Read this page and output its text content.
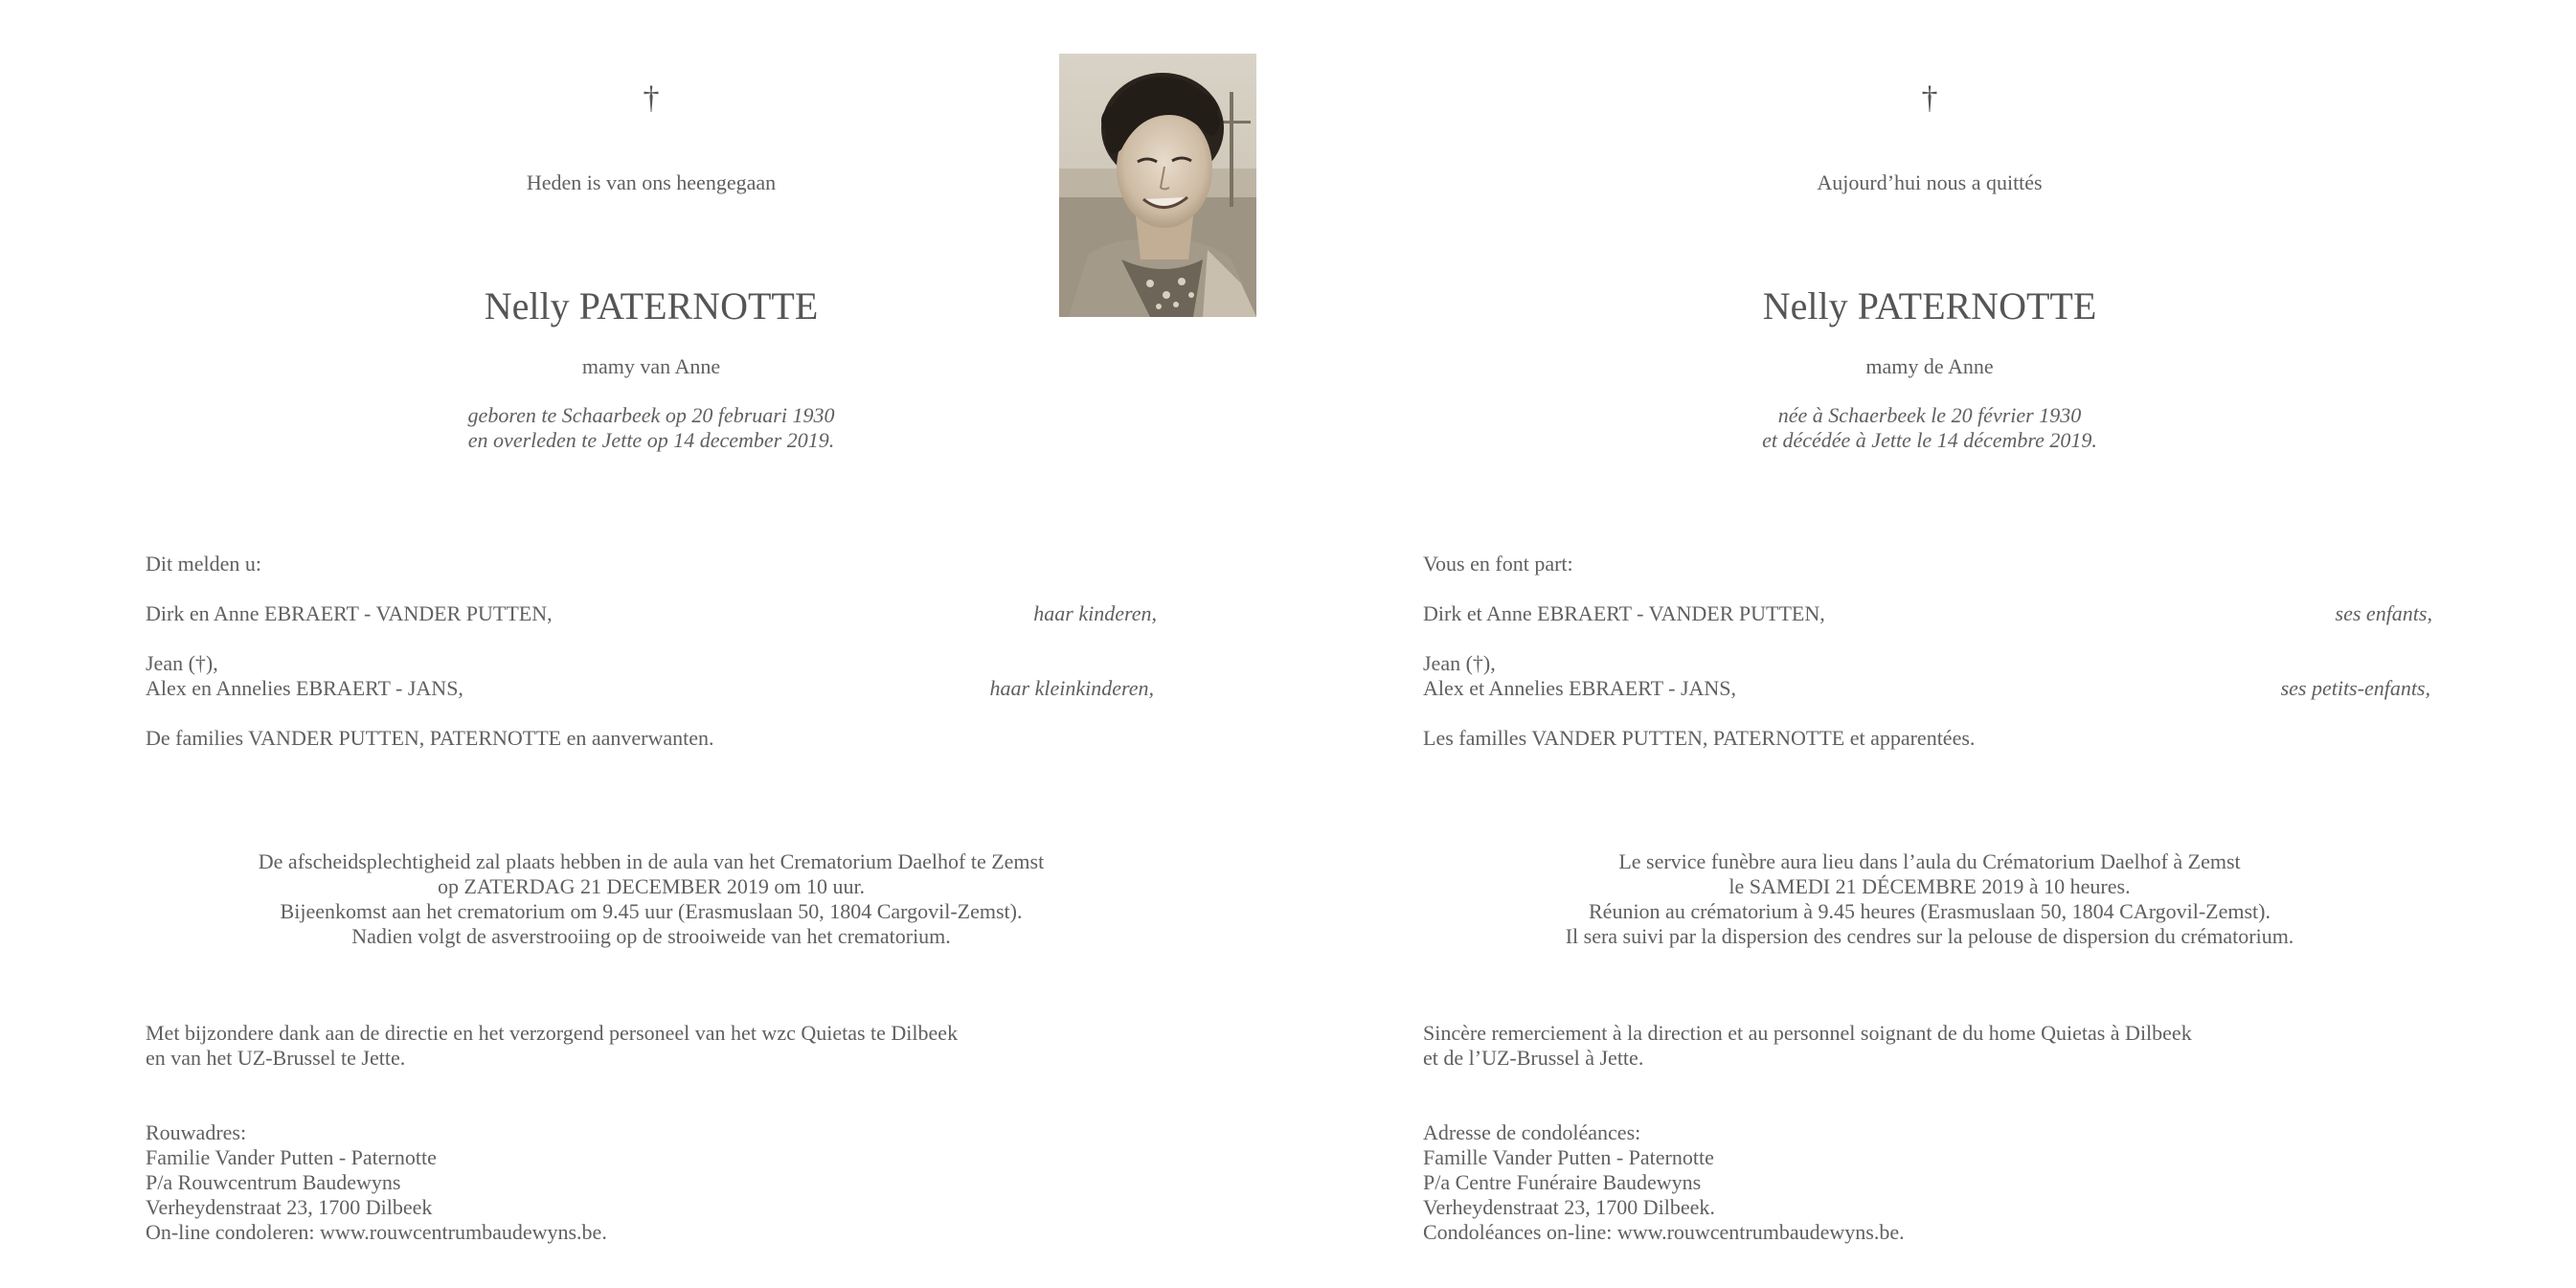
†
Heden is van ons heengegaan
Nelly PATERNOTTE
mamy van Anne
geboren te Schaarbeek op 20 februari 1930
en overleden te Jette op 14 december 2019.
Dit melden u:
Dirk en Anne EBRAERT - VANDER PUTTEN,	haar kinderen,
Jean (†),
Alex en Annelies EBRAERT - JANS,	haar kleinkinderen,
De families VANDER PUTTEN, PATERNOTTE en aanverwanten.
De afscheidsplechtigheid zal plaats hebben in de aula van het Crematorium Daelhof te Zemst
op ZATERDAG 21 DECEMBER 2019 om 10 uur.
Bijeenkomst aan het crematorium om 9.45 uur (Erasmuslaan 50, 1804 Cargovil-Zemst).
Nadien volgt de asverstrooiing op de strooiweide van het crematorium.
Met bijzondere dank aan de directie en het verzorgend personeel van het wzc Quietas te Dilbeek
en van het UZ-Brussel te Jette.
Rouwadres:
Familie Vander Putten - Paternotte
P/a Rouwcentrum Baudewyns
Verheydenstraat 23, 1700 Dilbeek
On-line condoleren: www.rouwcentrumbaudewyns.be.
†
Aujourd’hui nous a quittés
Nelly PATERNOTTE
mamy de Anne
née à Schaerbeek le 20 février 1930
et décédée à Jette le 14 décembre 2019.
Vous en font part:
Dirk et Anne EBRAERT - VANDER PUTTEN,	ses enfants,
Jean (†),
Alex et Annelies EBRAERT - JANS,	ses petits-enfants,
Les familles VANDER PUTTEN, PATERNOTTE et apparentées.
Le service funèbre aura lieu dans l’aula du Crématorium Daelhof à Zemst
le SAMEDI 21 DÉCEMBRE 2019 à 10 heures.
Réunion au crématorium à 9.45 heures (Erasmuslaan 50, 1804 CArgovil-Zemst).
Il sera suivi par la dispersion des cendres sur la pelouse de dispersion du crématorium.
Sincère remerciement à la direction et au personnel soignant de du home Quietas à Dilbeek
et de l’UZ-Brussel à Jette.
Adresse de condoléances:
Famille Vander Putten - Paternotte
P/a Centre Funéraire Baudewyns
Verheydenstraat 23, 1700 Dilbeek.
Condoléances on-line: www.rouwcentrumbaudewyns.be.
